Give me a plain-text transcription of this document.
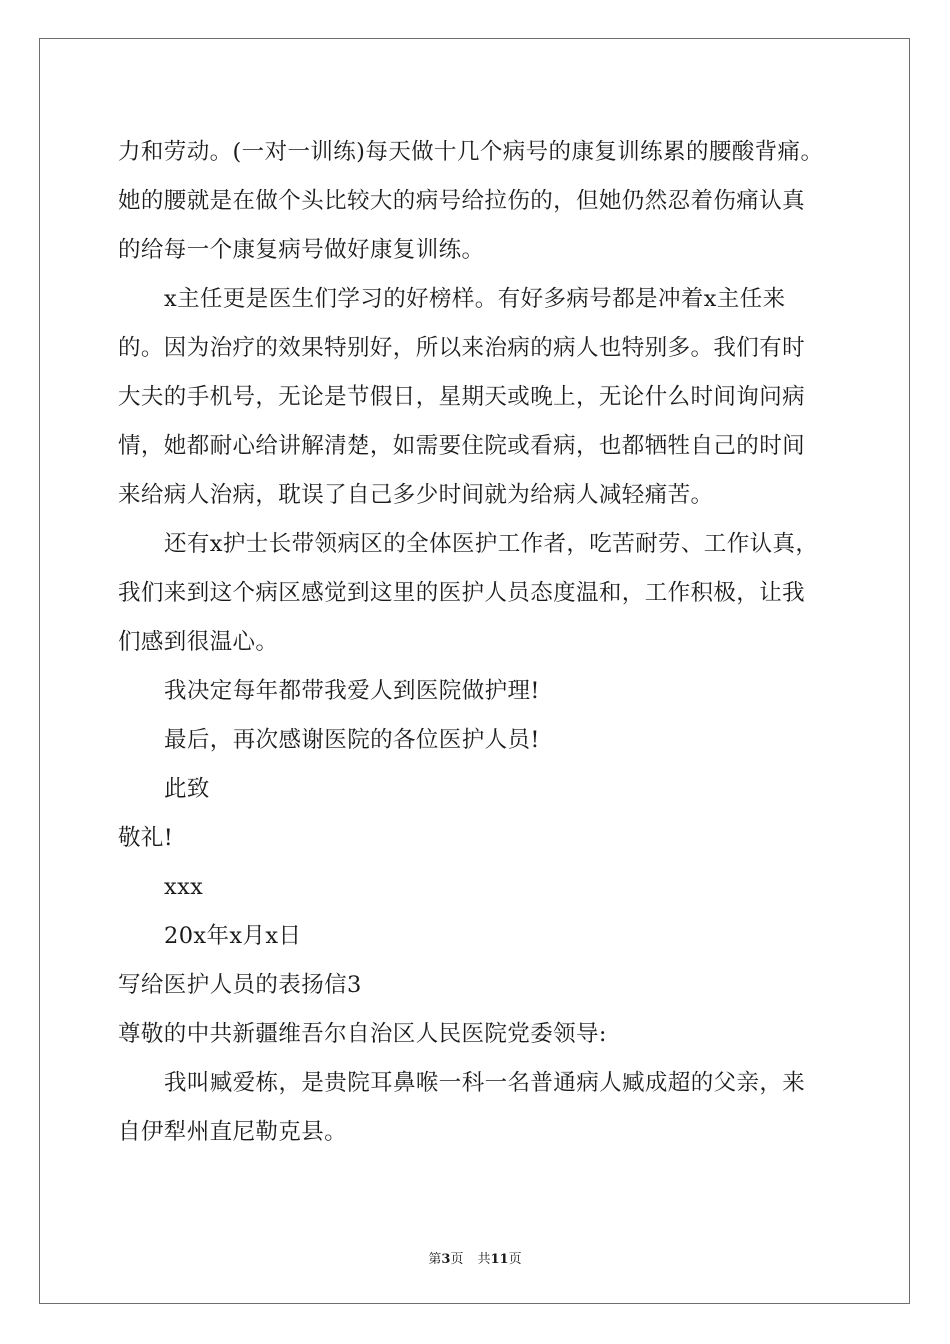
力和劳动。(一对一训练)每天做十几个病号的康复训练累的腰酸背痛。
她的腰就是在做个头比较大的病号给拉伤的，但她仍然忍着伤痛认真
的给每一个康复病号做好康复训练。
x主任更是医生们学习的好榜样。有好多病号都是冲着x主任来
的。因为治疗的效果特别好，所以来治病的病人也特别多。我们有时
大夫的手机号，无论是节假日，星期天或晚上，无论什么时间询问病
情，她都耐心给讲解清楚，如需要住院或看病，也都牺牲自己的时间
来给病人治病，耽误了自己多少时间就为给病人减轻痛苦。
还有x护士长带领病区的全体医护工作者，吃苦耐劳、工作认真，
我们来到这个病区感觉到这里的医护人员态度温和，工作积极，让我
们感到很温心。
我决定每年都带我爱人到医院做护理!
最后，再次感谢医院的各位医护人员!
此致
敬礼!
xxx
20x年x月x日
写给医护人员的表扬信3
尊敬的中共新疆维吾尔自治区人民医院党委领导:
我叫臧爱栋，是贵院耳鼻喉一科一名普通病人臧成超的父亲，来
自伊犁州直尼勒克县。
第3页 共11页
